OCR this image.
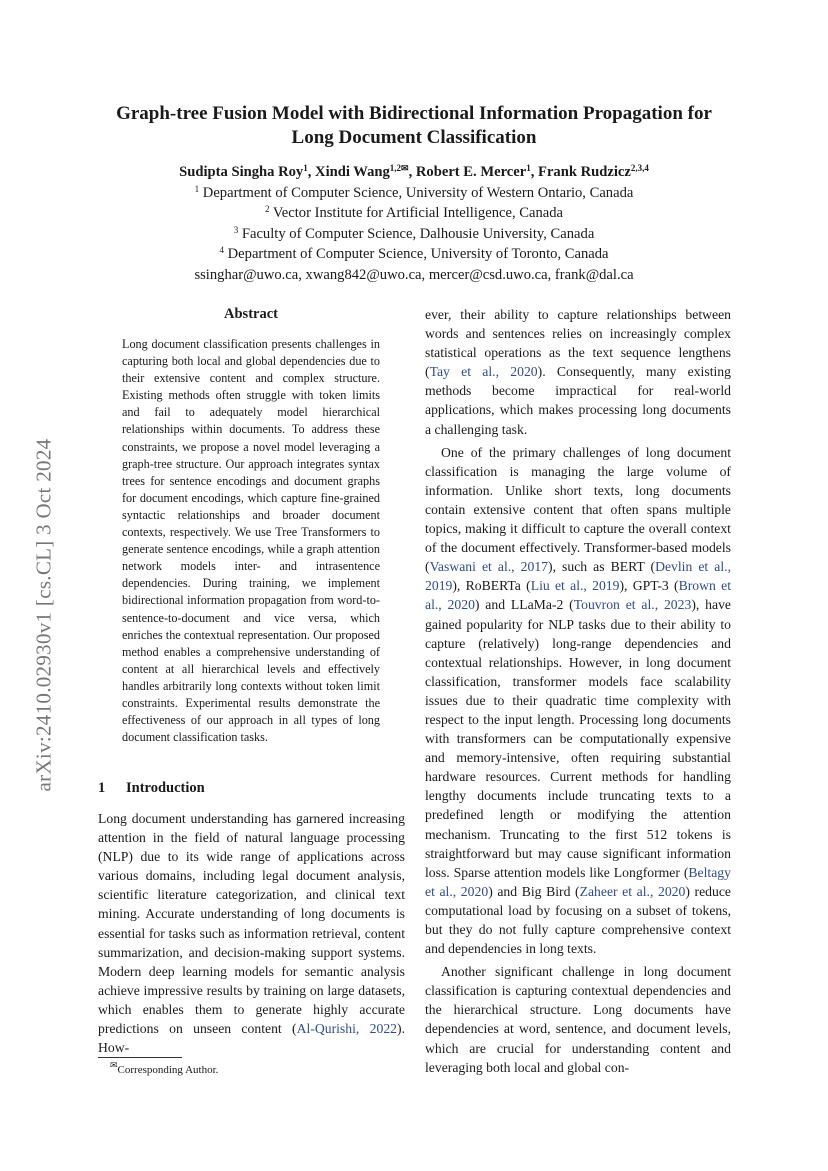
arXiv:2410.02930v1 [cs.CL] 3 Oct 2024
Graph-tree Fusion Model with Bidirectional Information Propagation for
Long Document Classification
Sudipta Singha Roy$^1$, Xindi Wang$^{1,2✉}$, Robert E. Mercer$^1$, Frank Rudzicz$^{2,3,4}$
$^1$ Department of Computer Science, University of Western Ontario, Canada
$^2$ Vector Institute for Artificial Intelligence, Canada
$^3$ Faculty of Computer Science, Dalhousie University, Canada
$^4$ Department of Computer Science, University of Toronto, Canada
ssinghar@uwo.ca, xwang842@uwo.ca, mercer@csd.uwo.ca, frank@dal.ca
Abstract
Long document classification presents challenges in capturing both local and global dependencies due to their extensive content and complex structure. Existing methods often struggle with token limits and fail to adequately model hierarchical relationships within documents. To address these constraints, we propose a novel model leveraging a graph-tree structure. Our approach integrates syntax trees for sentence encodings and document graphs for document encodings, which capture fine-grained syntactic relationships and broader document contexts, respectively. We use Tree Transformers to generate sentence encodings, while a graph attention network models inter- and intrasentence dependencies. During training, we implement bidirectional information propagation from word-to-sentence-to-document and vice versa, which enriches the contextual representation. Our proposed method enables a comprehensive understanding of content at all hierarchical levels and effectively handles arbitrarily long contexts without token limit constraints. Experimental results demonstrate the effectiveness of our approach in all types of long document classification tasks.
1 Introduction

Long document understanding has garnered increasing attention in the field of natural language processing (NLP) due to its wide range of applications across various domains, including legal document analysis, scientific literature categorization, and clinical text mining. Accurate understanding of long documents is essential for tasks such as information retrieval, content summarization, and decision-making support systems. Modern deep learning models for semantic analysis achieve impressive results by training on large datasets, which enables them to generate highly accurate predictions on unseen content (Al-Qurishi, 2022). How-

ever, their ability to capture relationships between words and sentences relies on increasingly complex statistical operations as the text sequence lengthens (Tay et al., 2020). Consequently, many existing methods become impractical for real-world applications, which makes processing long documents a challenging task.

One of the primary challenges of long document classification is managing the large volume of information. Unlike short texts, long documents contain extensive content that often spans multiple topics, making it difficult to capture the overall context of the document effectively. Transformer-based models (Vaswani et al., 2017), such as BERT (Devlin et al., 2019), RoBERTa (Liu et al., 2019), GPT-3 (Brown et al., 2020) and LLaMa-2 (Touvron et al., 2023), have gained popularity for NLP tasks due to their ability to capture (relatively) long-range dependencies and contextual relationships. However, in long document classification, transformer models face scalability issues due to their quadratic time complexity with respect to the input length. Processing long documents with transformers can be computationally expensive and memory-intensive, often requiring substantial hardware resources. Current methods for handling lengthy documents include truncating texts to a predefined length or modifying the attention mechanism. Truncating to the first 512 tokens is straightforward but may cause significant information loss. Sparse attention models like Longformer (Beltagy et al., 2020) and Big Bird (Zaheer et al., 2020) reduce computational load by focusing on a subset of tokens, but they do not fully capture comprehensive context and dependencies in long texts.

Another significant challenge in long document classification is capturing contextual dependencies and the hierarchical structure. Long documents have dependencies at word, sentence, and document levels, which are crucial for understanding content and leveraging both local and global con-

✉Corresponding Author.
